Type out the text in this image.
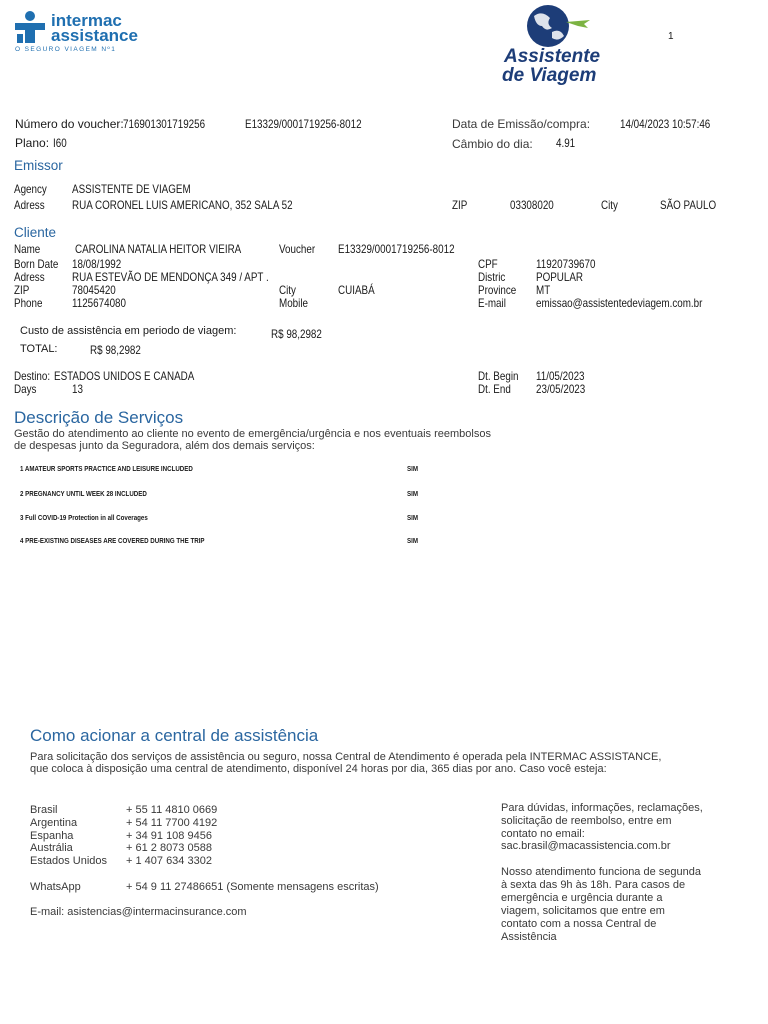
intermac
assistance
O SEGURO VIAGEM Nº1	Assistente
de Viagem
1
Número do voucher: 716901301719256	E13329/0001719256-8012	Data de Emissão/compra: 14/04/2023 10:57:46
Plano: I60	Câmbio do dia: 4.91
Emissor
Agency ASSISTENTE DE VIAGEM
Adress RUA CORONEL LUIS AMERICANO, 352 SALA 52	ZIP	03308020	City	SÃO PAULO
Cliente
Name	CAROLINA NATALIA HEITOR VIEIRA	Voucher E13329/0001719256-8012
Born Date 18/08/1992	CPF	11920739670
Adress RUA ESTEVÃO DE MENDONÇA 349 / APT .	Distric	POPULAR
ZIP	78045420	City	CUIABÁ	Province MT
Phone 1125674080	Mobile	E-mail	emissao@assistentedeviagem.com.br
Custo de assistência em periodo de viagem:	R$ 98,2982
TOTAL:	R$ 98,2982
Destino: ESTADOS UNIDOS E CANADA	Dt. Begin 11/05/2023
Days	13	Dt. End 23/05/2023
Descrição de Serviços
Gestão do atendimento ao cliente no evento de emergência/urgência e nos eventuais reembolsos
de despesas junto da Seguradora, além dos demais serviços:
1 AMATEUR SPORTS PRACTICE AND LEISURE INCLUDED	SIM
2 PREGNANCY UNTIL WEEK 28 INCLUDED	SIM
3 Full COVID-19 Protection in all Coverages	SIM
4 PRE-EXISTING DISEASES ARE COVERED DURING THE TRIP	SIM
Como acionar a central de assistência
Para solicitação dos serviços de assistência ou seguro, nossa Central de Atendimento é operada pela INTERMAC ASSISTANCE,
que coloca à disposição uma central de atendimento, disponível 24 horas por dia, 365 dias por ano. Caso você esteja:
Brasil	+ 55 11 4810 0669
Argentina	+ 54 11 7700 4192
Espanha	+ 34 91 108 9456
Austrália	+ 61 2 8073 0588
Estados Unidos + 1 407 634 3302
WhatsApp	+ 54 9 11 27486651 (Somente mensagens escritas)
E-mail: asistencias@intermacinsurance.com
Para dúvidas, informações, reclamações,
solicitação de reembolso, entre em
contato no email:
sac.brasil@macassistencia.com.br
Nosso atendimento funciona de segunda
à sexta das 9h às 18h. Para casos de
emergência e urgência durante a
viagem, solicitamos que entre em
contato com a nossa Central de
Assistência
